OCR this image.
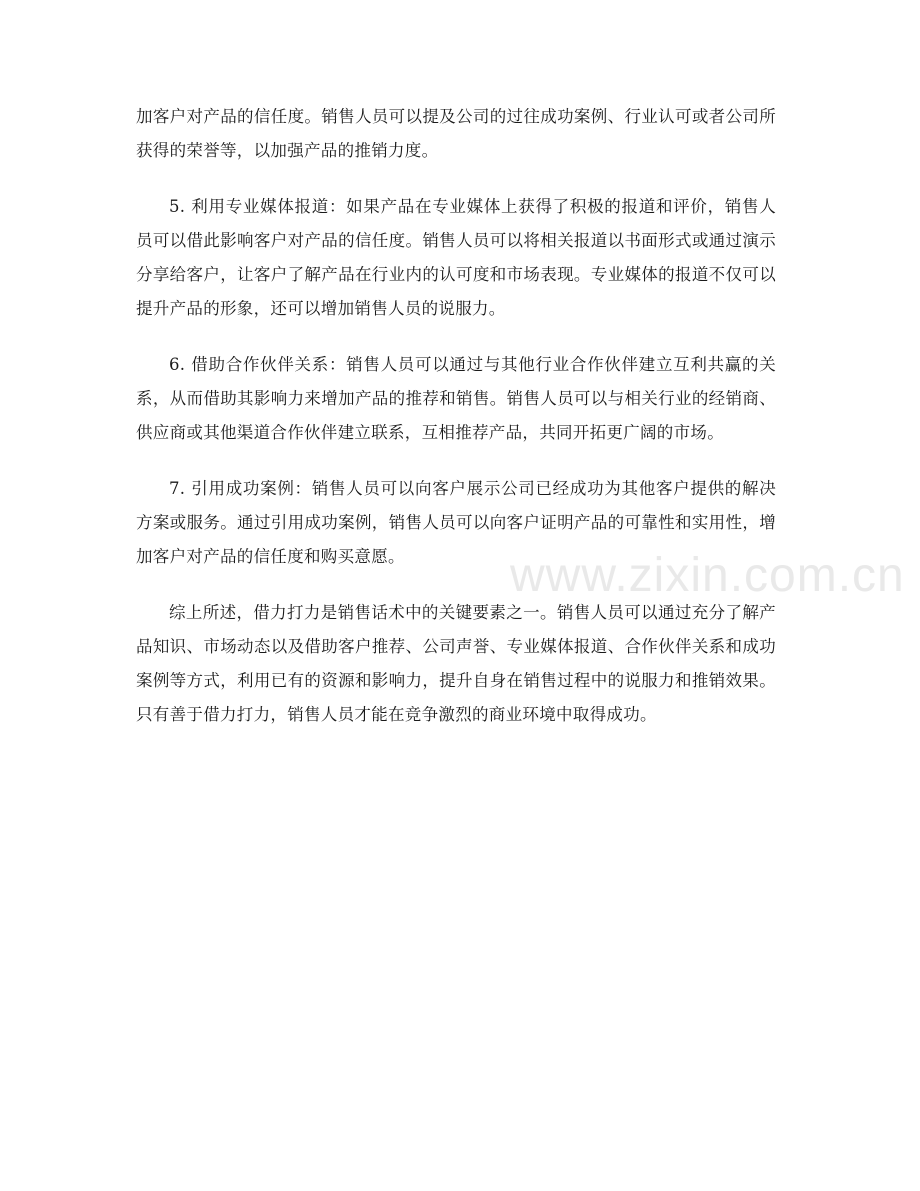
加客户对产品的信任度。销售人员可以提及公司的过往成功案例、行业认可或者公司所获得的荣誉等，以加强产品的推销力度。

5. 利用专业媒体报道：如果产品在专业媒体上获得了积极的报道和评价，销售人员可以借此影响客户对产品的信任度。销售人员可以将相关报道以书面形式或通过演示分享给客户，让客户了解产品在行业内的认可度和市场表现。专业媒体的报道不仅可以提升产品的形象，还可以增加销售人员的说服力。

6. 借助合作伙伴关系：销售人员可以通过与其他行业合作伙伴建立互利共赢的关系，从而借助其影响力来增加产品的推荐和销售。销售人员可以与相关行业的经销商、供应商或其他渠道合作伙伴建立联系，互相推荐产品，共同开拓更广阔的市场。

7. 引用成功案例：销售人员可以向客户展示公司已经成功为其他客户提供的解决方案或服务。通过引用成功案例，销售人员可以向客户证明产品的可靠性和实用性，增加客户对产品的信任度和购买意愿。

综上所述，借力打力是销售话术中的关键要素之一。销售人员可以通过充分了解产品知识、市场动态以及借助客户推荐、公司声誉、专业媒体报道、合作伙伴关系和成功案例等方式，利用已有的资源和影响力，提升自身在销售过程中的说服力和推销效果。只有善于借力打力，销售人员才能在竞争激烈的商业环境中取得成功。

www.zixin.com.cn
